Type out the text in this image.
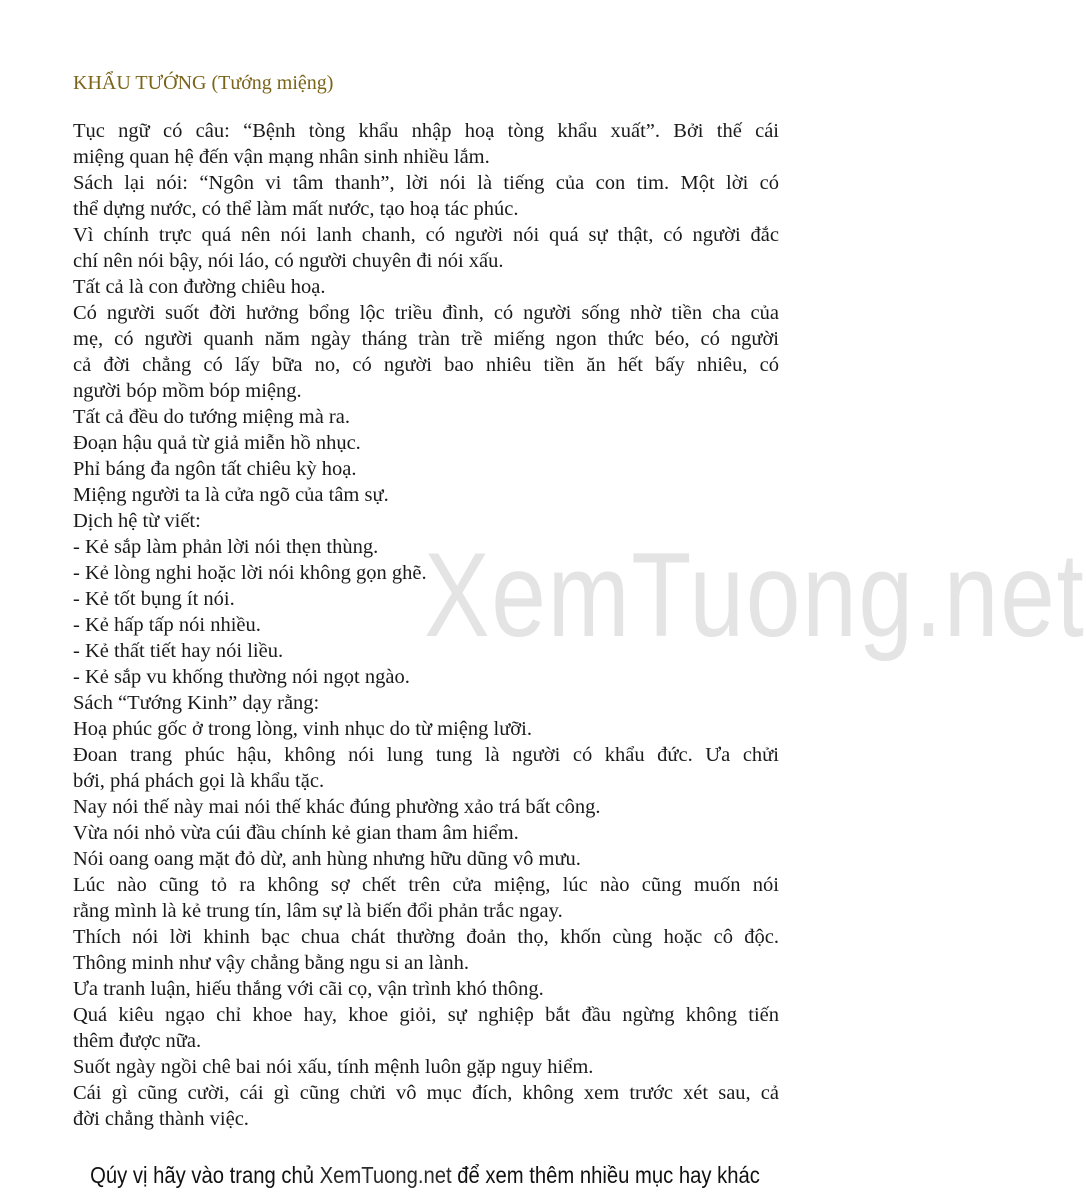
KHẨU TƯỚNG (Tướng miệng)
Tục ngữ có câu: “Bệnh tòng khẩu nhập hoạ tòng khẩu xuất”. Bởi thế cái
miệng quan hệ đến vận mạng nhân sinh nhiều lắm.
Sách lại nói: “Ngôn vi tâm thanh”, lời nói là tiếng của con tim. Một lời có
thể dựng nước, có thể làm mất nước, tạo hoạ tác phúc.
Vì chính trực quá nên nói lanh chanh, có người nói quá sự thật, có người đắc
chí nên nói bậy, nói láo, có người chuyên đi nói xấu.
Tất cả là con đường chiêu hoạ.
Có người suốt đời hưởng bổng lộc triều đình, có người sống nhờ tiền cha của
mẹ, có người quanh năm ngày tháng tràn trề miếng ngon thức béo, có người
cả đời chẳng có lấy bữa no, có người bao nhiêu tiền ăn hết bấy nhiêu, có
người bóp mồm bóp miệng.
Tất cả đều do tướng miệng mà ra.
Đoạn hậu quả từ giả miễn hồ nhục.
Phỉ báng đa ngôn tất chiêu kỳ hoạ.
Miệng người ta là cửa ngõ của tâm sự.
Dịch hệ từ viết:
- Kẻ sắp làm phản lời nói thẹn thùng.
- Kẻ lòng nghi hoặc lời nói không gọn ghẽ.
- Kẻ tốt bụng ít nói.
- Kẻ hấp tấp nói nhiều.
- Kẻ thất tiết hay nói liều.
- Kẻ sắp vu khống thường nói ngọt ngào.
Sách “Tướng Kinh” dạy rằng:
Hoạ phúc gốc ở trong lòng, vinh nhục do từ miệng lưỡi.
Đoan trang phúc hậu, không nói lung tung là người có khẩu đức. Ưa chửi
bới, phá phách gọi là khẩu tặc.
Nay nói thế này mai nói thế khác đúng phường xảo trá bất công.
Vừa nói nhỏ vừa cúi đầu chính kẻ gian tham âm hiểm.
Nói oang oang mặt đỏ dừ, anh hùng nhưng hữu dũng vô mưu.
Lúc nào cũng tỏ ra không sợ chết trên cửa miệng, lúc nào cũng muốn nói
rằng mình là kẻ trung tín, lâm sự là biến đổi phản trắc ngay.
Thích nói lời khinh bạc chua chát thường đoản thọ, khốn cùng hoặc cô độc.
Thông minh như vậy chẳng bằng ngu si an lành.
Ưa tranh luận, hiếu thắng với cãi cọ, vận trình khó thông.
Quá kiêu ngạo chỉ khoe hay, khoe giỏi, sự nghiệp bắt đầu ngừng không tiến
thêm được nữa.
Suốt ngày ngồi chê bai nói xấu, tính mệnh luôn gặp nguy hiểm.
Cái gì cũng cười, cái gì cũng chửi vô mục đích, không xem trước xét sau, cả
đời chẳng thành việc.
XemTuong.net
Qúy vị hãy vào trang chủ XemTuong.net để xem thêm nhiều mục hay khác
